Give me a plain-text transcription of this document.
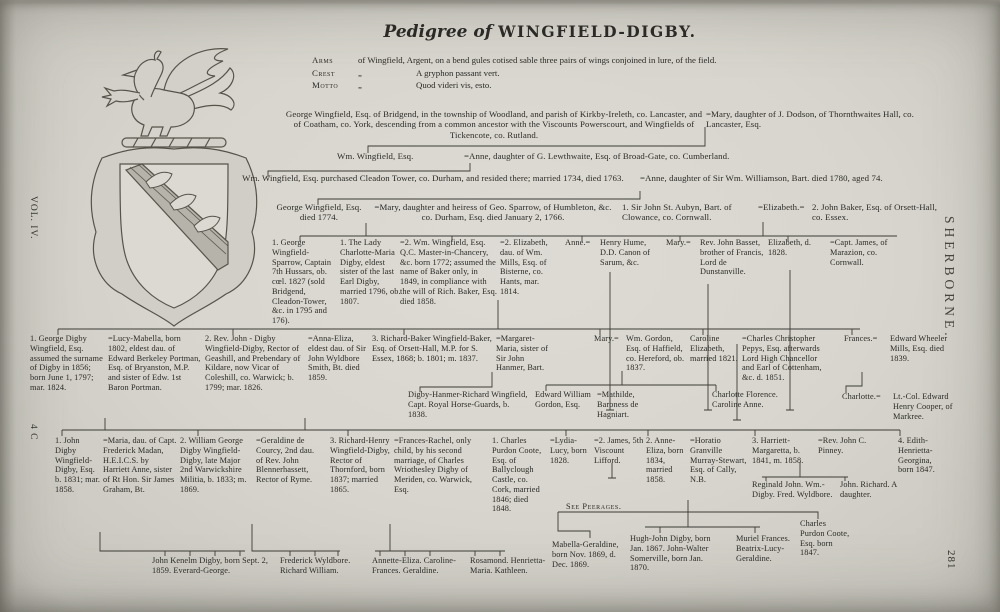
VOL. IV.
4 C
SHERBORNE.
281
Pedigree of WINGFIELD-DIGBY.
Arms	of Wingfield, Argent, on a bend gules cotised sable three pairs of wings conjoined in lure, of the field.
Crest	„	A gryphon passant vert.
Motto	„	Quod videri vis, esto.
George Wingfield, Esq. of Bridgend, in the township of Woodland, and parish of Kirkby-Ireleth, co. Lancaster, and of Coatham, co. York, descending from a common ancestor with the Viscounts Powerscourt, and Wingfields of Tickencote, co. Rutland.
=Mary, daughter of J. Dodson, of Thornthwaites Hall, co. Lancaster, Esq.
Wm. Wingfield, Esq.	=Anne, daughter of G. Lewthwaite, Esq. of Broad-Gate, co. Cumberland.
Wm. Wingfield, Esq. purchased Cleadon Tower, co. Durham, and resided there; married 1734, died 1763.	=Anne, daughter of Sir Wm. Williamson, Bart. died 1780, aged 74.
George Wingfield, Esq. died 1774.
=Mary, daughter and heiress of Geo. Sparrow, of Humbleton, &c. co. Durham, Esq. died January 2, 1766.
1. Sir John St. Aubyn, Bart. of Clowance, co. Cornwall.
=Elizabeth.= 2. John Baker, Esq. of Orsett-Hall, co. Essex.
1. George Wingfield-Sparrow, Captain 7th Hussars, ob. cœl. 1827 (sold Bridgend, Cleadon-Tower, &c. in 1795 and 176).
1. The Lady Charlotte-Maria Digby, eldest sister of the last Earl Digby, married 1796, ob. 1807.
=2. Wm. Wingfield, Esq. Q.C. Master-in-Chancery, &c. born 1772; assumed the name of Baker only, in 1849, in compliance with the will of Rich. Baker, Esq. died 1858.
=2. Elizabeth, dau. of Wm. Mills, Esq. of Bisterne, co. Hants, mar. 1814.
Anne.=	Henry Hume, D.D. Canon of Sarum, &c.
Mary.=	Rev. John Basset, brother of Francis, Lord de Dunstanville.
Elizabeth, d. 1828.
=Capt. James, of Marazion, co. Cornwall.
1. George Digby Wingfield, Esq. assumed the surname of Digby in 1856; born June 1, 1797; mar. 1824.
=Lucy-Mabella, born 1802, eldest dau. of Edward Berkeley Portman, Esq. of Bryanston, M.P. and sister of Edw. 1st Baron Portman.
2. Rev. John - Digby Wingfield-Digby, Rector of Geashill, and Prebendary of Kildare, now Vicar of Coleshill, co. Warwick; b. 1799; mar. 1826.
=Anna-Eliza, eldest dau. of Sir John Wyldbore Smith, Bt. died 1859.
3. Richard-Baker Wingfield-Baker, Esq. of Orsett-Hall, M.P. for S. Essex, 1868; b. 1801; m. 1837.
=Margaret-Maria, sister of Sir John Hanmer, Bart.
Mary.= Wm. Gordon, Esq. of Haffield, co. Hereford, ob. 1837.
Caroline Elizabeth, married 1821.
=Charles Christopher Pepys, Esq. afterwards Lord High Chancellor and Earl of Cottenham, &c. d. 1851.
Frances.=	Edward Wheeler Mills, Esq. died 1839.
Digby-Hanmer-Richard Wingfield, Capt. Royal Horse-Guards, b. 1838.
Edward William Gordon, Esq.
=Mathilde, Baroness de Hagniart.
Charlotte Florence. Caroline Anne.
Charlotte.=	Lt.-Col. Edward Henry Cooper, of Markree.
1. John Digby Wingfield-Digby, Esq. b. 1831; mar. 1858.
=Maria, dau. of Capt. Frederick Madan, H.E.I.C.S. by Harriett Anne, sister of Rt Hon. Sir James Graham, Bt.
2. William George Digby Wingfield-Digby, late Major 2nd Warwickshire Militia, b. 1833; m. 1869.
=Geraldine de Courcy, 2nd dau. of Rev. John Blennerhassett, Rector of Ryme.
3. Richard-Henry Wingfield-Digby, Rector of Thornford, born 1837; married 1865.
=Frances-Rachel, only child, by his second marriage, of Charles Wriothesley Digby of Meriden, co. Warwick, Esq.
1. Charles Purdon Coote, Esq. of Ballyclough Castle, co. Cork, married 1846; died 1848.
=Lydia-Lucy, born 1828.
=2. James, 5th Viscount Lifford.
See Peerages.
2. Anne-Eliza, born 1834, married 1858.
=Horatio Granville Murray-Stewart, Esq. of Cally, N.B.
3. Harriett-Margaretta, b. 1841, m. 1858.
=Rev. John C. Pinney.
Reginald John. Wm.-Digby. Fred. Wyldbore.
John. Richard. A daughter.
4. Edith-Henrietta-Georgina, born 1847.
John Kenelm Digby, born Sept. 2, 1859. Everard-George.
Frederick Wyldbore. Richard William.
Annette-Eliza. Caroline-Frances. Geraldine.
Rosamond. Henrietta-Maria. Kathleen.
Mabella-Geraldine, born Nov. 1869, d. Dec. 1869.
Hugh-John Digby, born Jan. 1867. John-Walter Somerville, born Jan. 1870.
Muriel Frances. Beatrix-Lucy-Geraldine.
Charles Purdon Coote, Esq. born 1847.
